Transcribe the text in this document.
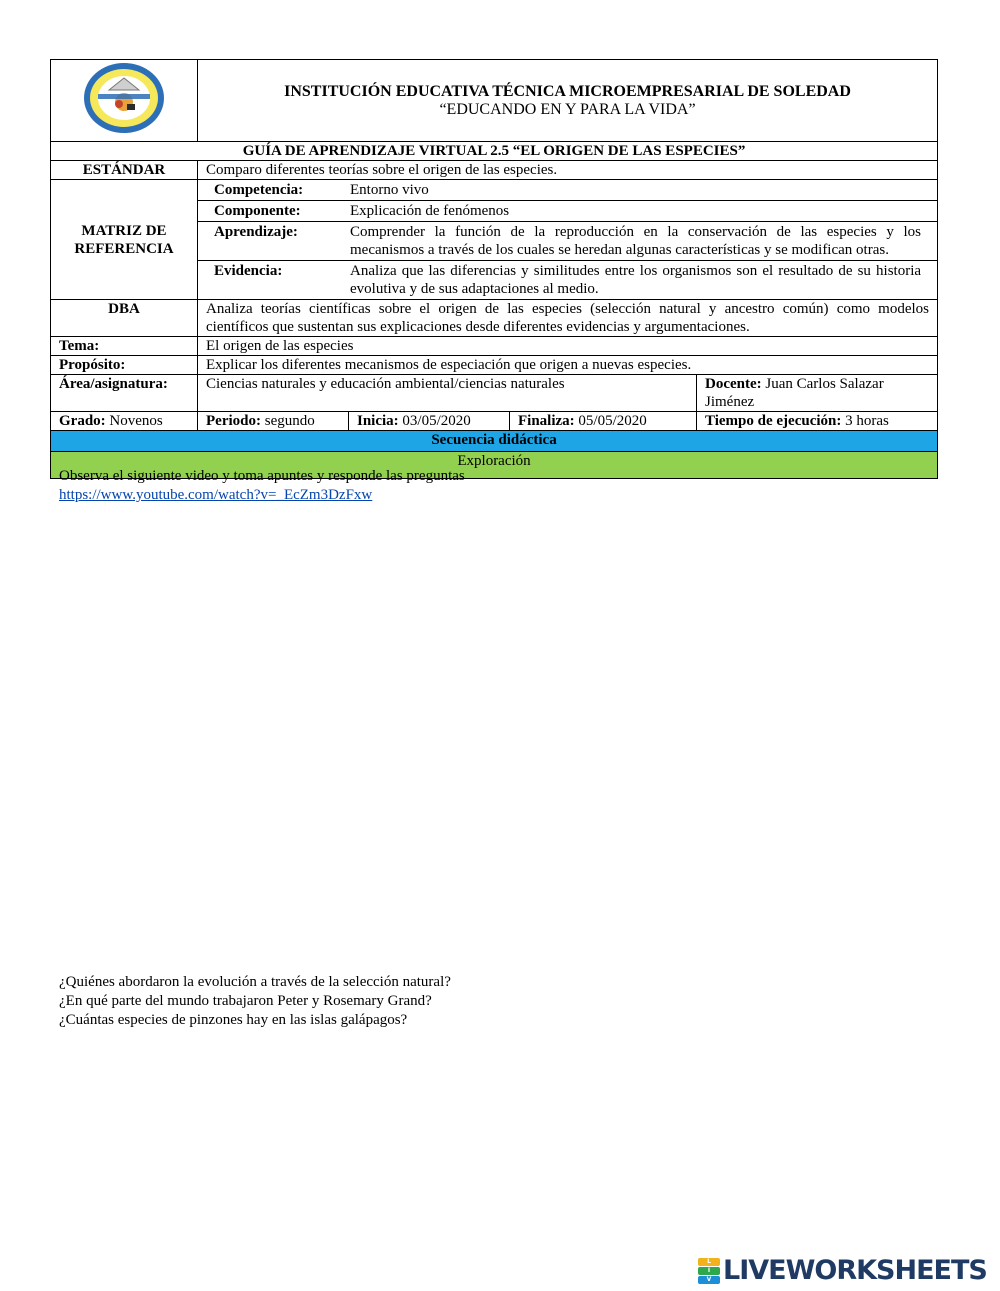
INSTITUCIÓN EDUCATIVA TÉCNICA MICROEMPRESARIAL DE SOLEDAD
“EDUCANDO EN Y PARA LA VIDA”

GUÍA DE APRENDIZAJE VIRTUAL 2.5 “EL ORIGEN DE LAS ESPECIES”
ESTÁNDAR	Comparo diferentes teorías sobre el origen de las especies.
MATRIZ DE REFERENCIA	
Competencia:	Entorno vivo

Componente:	Explicación de fenómenos

Aprendizaje:	Comprender la función de la reproducción en la conservación de las especies y los mecanismos a través de los cuales se heredan algunas características y se modifican otras.

Evidencia:	Analiza que las diferencias y similitudes entre los organismos son el resultado de su historia evolutiva y de sus adaptaciones al medio.

DBA	Analiza teorías científicas sobre el origen de las especies (selección natural y ancestro común) como modelos científicos que sustentan sus explicaciones desde diferentes evidencias y argumentaciones.
Tema:	El origen de las especies
Propósito:	Explicar los diferentes mecanismos de especiación que origen a nuevas especies.
Área/asignatura:	Ciencias naturales y educación ambiental/ciencias naturales	Docente: Juan Carlos Salazar Jiménez
Grado: Novenos	Periodo: segundo	Inicia: 03/05/2020	Finaliza: 05/05/2020	Tiempo de ejecución: 3 horas
Secuencia didáctica
Exploración
Observa el siguiente video y toma apuntes y responde las preguntas
https://www.youtube.com/watch?v=_EcZm3DzFxw
¿Quiénes abordaron la evolución a través de la selección natural?
¿En qué parte del mundo trabajaron Peter y Rosemary Grand?
¿Cuántas especies de pinzones hay en las islas galápagos?
L
I
V LIVEWORKSHEETS
